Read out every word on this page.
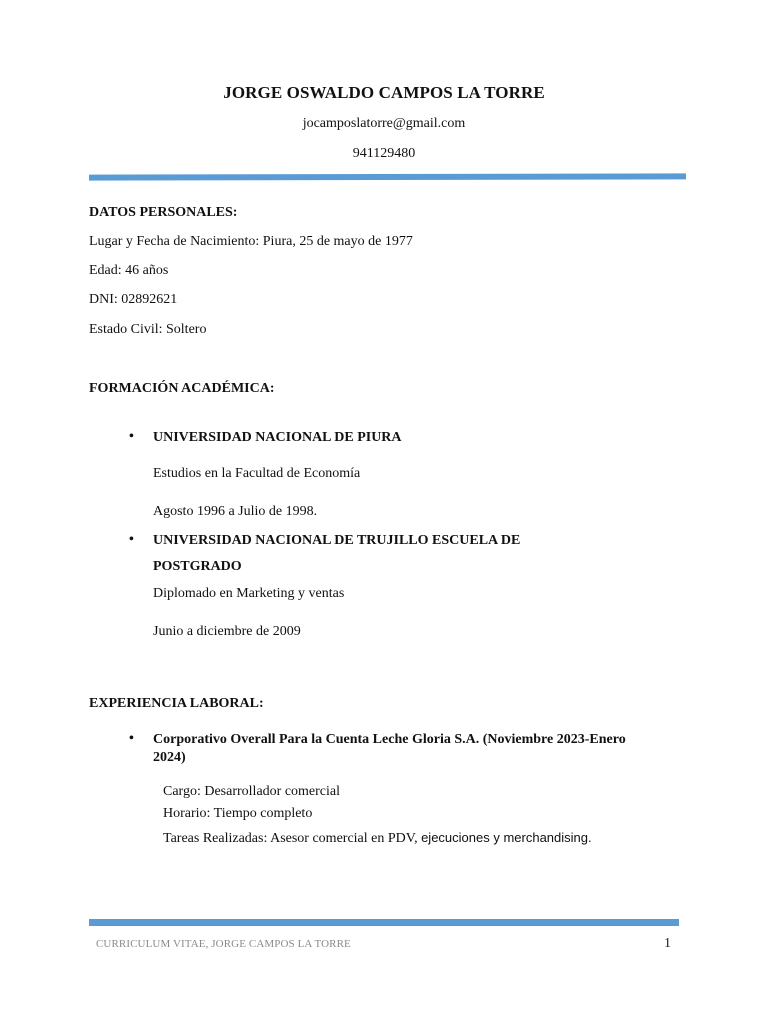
JORGE OSWALDO CAMPOS LA TORRE
jocamposlatorre@gmail.com
941129480
DATOS PERSONALES:
Lugar y Fecha de Nacimiento: Piura, 25 de mayo de 1977
Edad: 46 años
DNI: 02892621
Estado Civil: Soltero
FORMACIÓN ACADÉMICA:
• UNIVERSIDAD NACIONAL DE PIURA
Estudios en la Facultad de Economía
Agosto 1996 a Julio de 1998.
• UNIVERSIDAD NACIONAL DE TRUJILLO ESCUELA DE POSTGRADO
Diplomado en Marketing y ventas
Junio a diciembre de 2009
EXPERIENCIA LABORAL:
• Corporativo Overall Para la Cuenta Leche Gloria S.A. (Noviembre 2023-Enero 2024)
Cargo: Desarrollador comercial
Horario: Tiempo completo
Tareas Realizadas: Asesor comercial en PDV, ejecuciones y merchandising.
CURRICULUM VITAE, JORGE CAMPOS LA TORRE	1
